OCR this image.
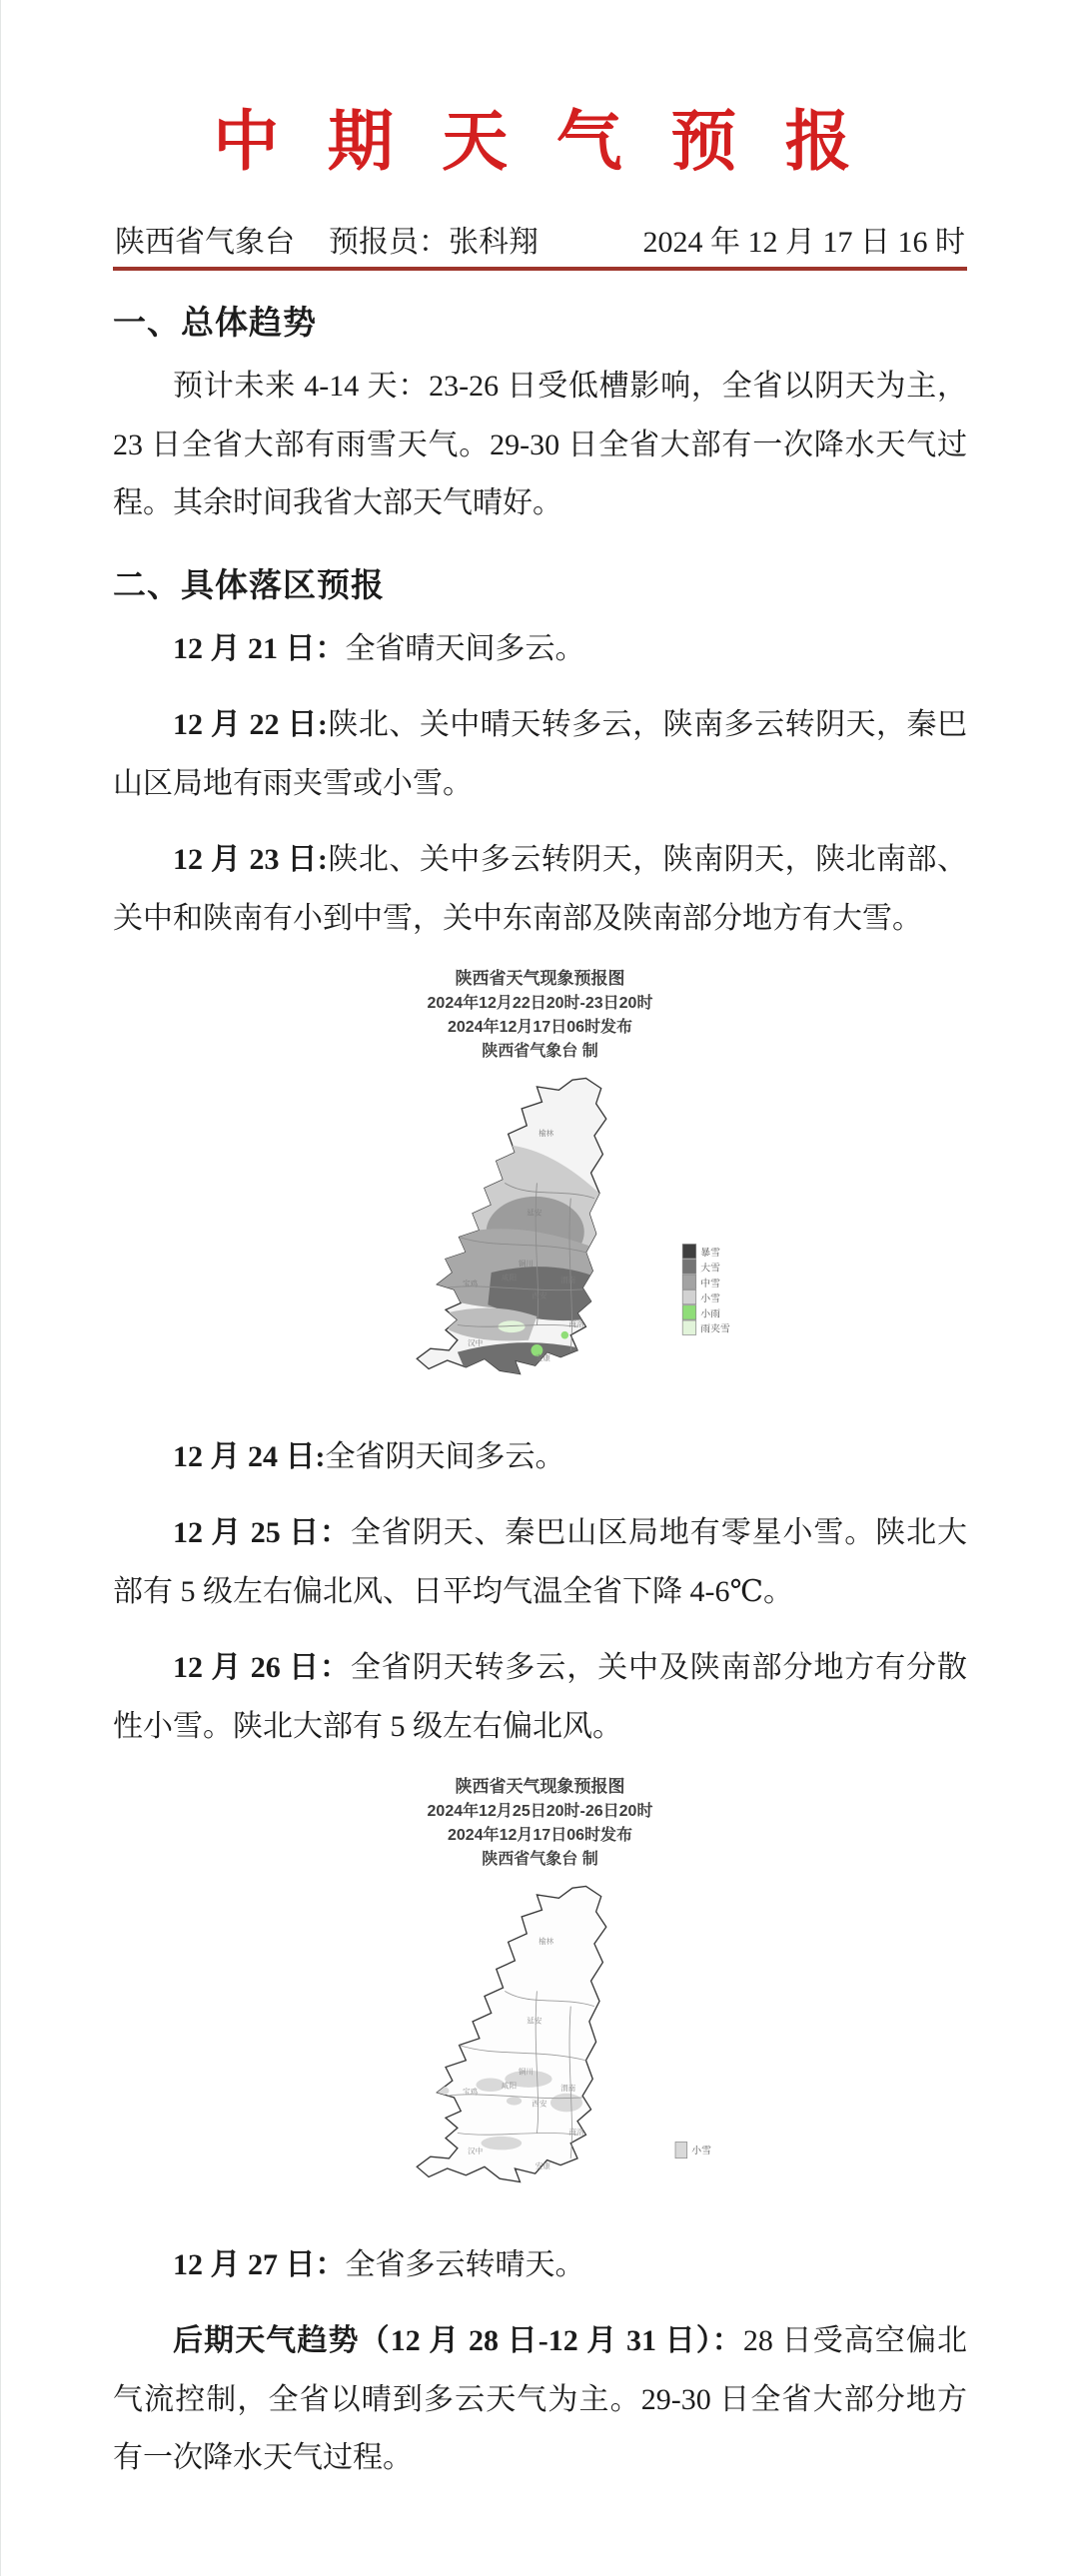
中 期 天 气 预 报
陕西省气象台 预报员：张科翔	2024 年 12 月 17 日 16 时
一、总体趋势

预计未来 4-14 天：23-26 日受低槽影响，全省以阴天为主，23 日全省大部有雨雪天气。29-30 日全省大部有一次降水天气过程。其余时间我省大部天气晴好。

二、具体落区预报

12 月 21 日：全省晴天间多云。

12 月 22 日:陕北、关中晴天转多云，陕南多云转阴天，秦巴山区局地有雨夹雪或小雪。

12 月 23 日:陕北、关中多云转阴天，陕南阴天，陕北南部、关中和陕南有小到中雪，关中东南部及陕南部分地方有大雪。

陕西省天气现象预报图
2024年12月22日20时-23日20时
2024年12月17日06时发布
陕西省气象台 制
榆林
延安
铜川
渭南
咸阳
西安
宝鸡
汉中
安康
商洛
暴雪
大雪
中雪
小雪
小雨
雨夹雪

12 月 24 日:全省阴天间多云。

12 月 25 日：全省阴天、秦巴山区局地有零星小雪。陕北大部有 5 级左右偏北风、日平均气温全省下降 4-6℃。

12 月 26 日：全省阴天转多云，关中及陕南部分地方有分散性小雪。陕北大部有 5 级左右偏北风。

陕西省天气现象预报图
2024年12月25日20时-26日20时
2024年12月17日06时发布
陕西省气象台 制
榆林
延安
铜川
渭南
咸阳
西安
宝鸡
汉中
安康
商洛
小雪

12 月 27 日：全省多云转晴天。

后期天气趋势（12 月 28 日-12 月 31 日）：28 日受高空偏北气流控制，全省以晴到多云天气为主。29-30 日全省大部分地方有一次降水天气过程。
